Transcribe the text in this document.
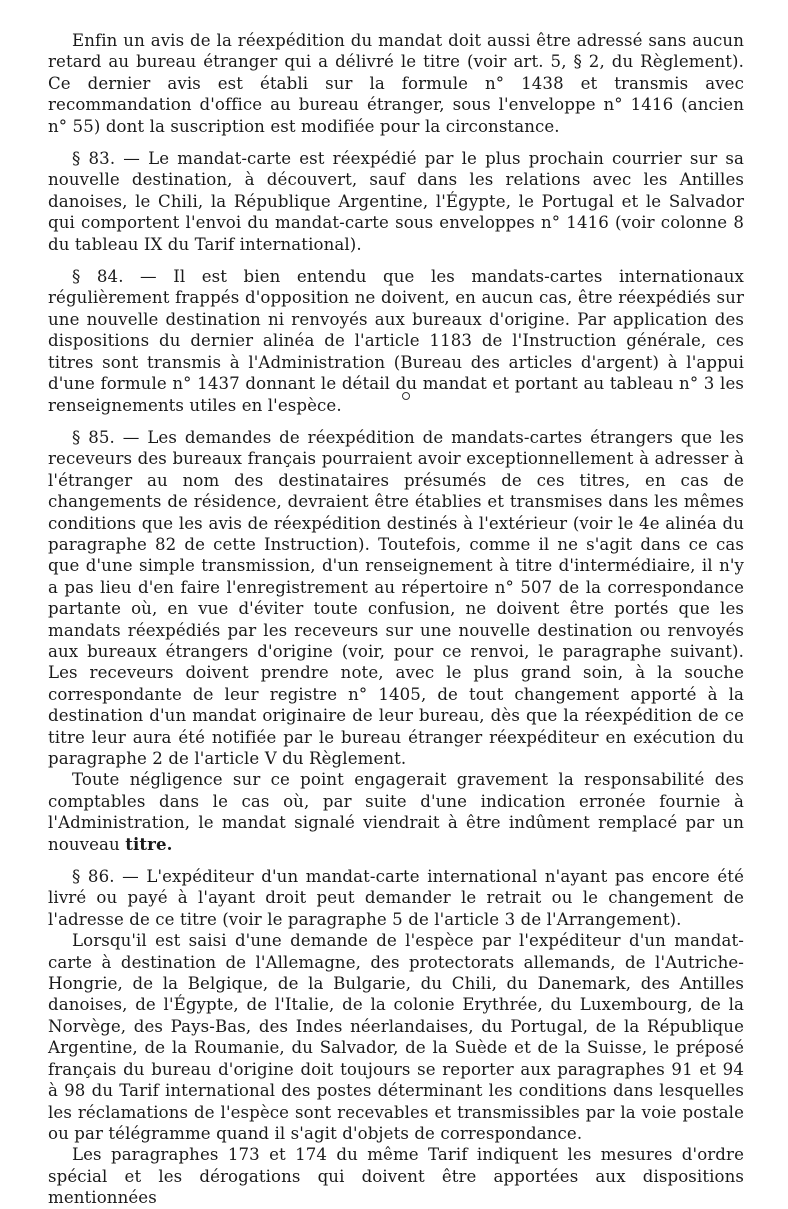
Enfin un avis de la réexpédition du mandat doit aussi être adressé sans aucun retard au bureau étranger qui a délivré le titre (voir art. 5, § 2, du Règlement). Ce dernier avis est établi sur la formule n° 1438 et transmis avec recommandation d'office au bureau étranger, sous l'enveloppe n° 1416 (ancien n° 55) dont la suscription est modifiée pour la circonstance.

§ 83. — Le mandat-carte est réexpédié par le plus prochain courrier sur sa nouvelle destination, à découvert, sauf dans les relations avec les Antilles danoises, le Chili, la République Argentine, l'Égypte, le Portugal et le Salvador qui comportent l'envoi du mandat-carte sous enveloppes n° 1416 (voir colonne 8 du tableau IX du Tarif international).

§ 84. — Il est bien entendu que les mandats-cartes internationaux régulièrement frappés d'opposition ne doivent, en aucun cas, être réexpédiés sur une nouvelle destination ni renvoyés aux bureaux d'origine. Par application des dispositions du dernier alinéa de l'article 1183 de l'Instruction générale, ces titres sont transmis à l'Administration (Bureau des articles d'argent) à l'appui d'une formule n° 1437 donnant le détail du mandat et portant au tableau n° 3 les renseignements utiles en l'espèce.

§ 85. — Les demandes de réexpédition de mandats-cartes étrangers que les receveurs des bureaux français pourraient avoir exceptionnellement à adresser à l'étranger au nom des destinataires présumés de ces titres, en cas de changements de résidence, devraient être établies et transmises dans les mêmes conditions que les avis de réexpédition destinés à l'extérieur (voir le 4e alinéa du paragraphe 82 de cette Instruction). Toutefois, comme il ne s'agit dans ce cas que d'une simple transmission, d'un renseignement à titre d'intermédiaire, il n'y a pas lieu d'en faire l'enregistrement au répertoire n° 507 de la correspondance partante où, en vue d'éviter toute confusion, ne doivent être portés que les mandats réexpédiés par les receveurs sur une nouvelle destination ou renvoyés aux bureaux étrangers d'origine (voir, pour ce renvoi, le paragraphe suivant). Les receveurs doivent prendre note, avec le plus grand soin, à la souche correspondante de leur registre n° 1405, de tout changement apporté à la destination d'un mandat originaire de leur bureau, dès que la réexpédition de ce titre leur aura été notifiée par le bureau étranger réexpéditeur en exécution du paragraphe 2 de l'article V du Règlement.

Toute négligence sur ce point engagerait gravement la responsabilité des comptables dans le cas où, par suite d'une indication erronée fournie à l'Administration, le mandat signalé viendrait à être indûment remplacé par un nouveau titre.

§ 86. — L'expéditeur d'un mandat-carte international n'ayant pas encore été livré ou payé à l'ayant droit peut demander le retrait ou le changement de l'adresse de ce titre (voir le paragraphe 5 de l'article 3 de l'Arrangement).

Lorsqu'il est saisi d'une demande de l'espèce par l'expéditeur d'un mandat-carte à destination de l'Allemagne, des protectorats allemands, de l'Autriche-Hongrie, de la Belgique, de la Bulgarie, du Chili, du Danemark, des Antilles danoises, de l'Égypte, de l'Italie, de la colonie Erythrée, du Luxembourg, de la Norvège, des Pays-Bas, des Indes néerlandaises, du Portugal, de la République Argentine, de la Roumanie, du Salvador, de la Suède et de la Suisse, le préposé français du bureau d'origine doit toujours se reporter aux paragraphes 91 et 94 à 98 du Tarif international des postes déterminant les conditions dans lesquelles les réclamations de l'espèce sont recevables et transmissibles par la voie postale ou par télégramme quand il s'agit d'objets de correspondance.

Les paragraphes 173 et 174 du même Tarif indiquent les mesures d'ordre spécial et les dérogations qui doivent être apportées aux dispositions mentionnées
